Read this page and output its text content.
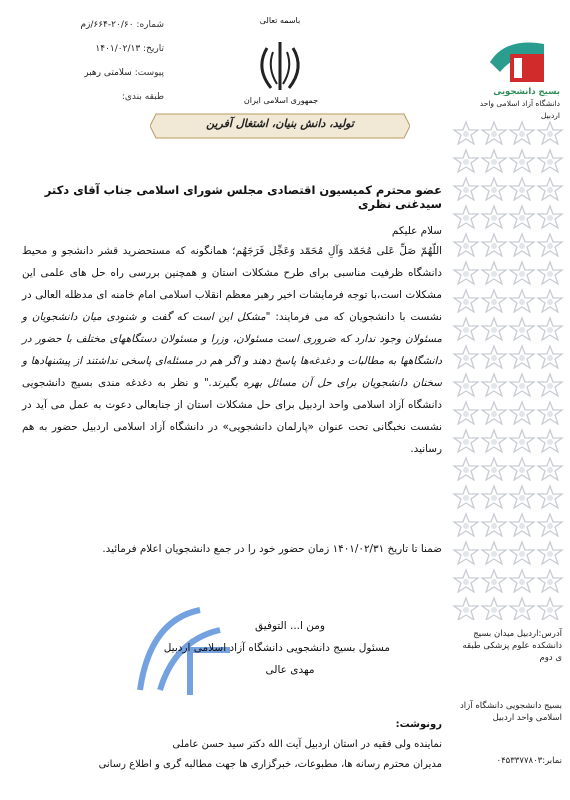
بسیج دانشجویی
دانشگاه آزاد اسلامی واحد اردبیل
آدرس:اردبیل میدان بسیج دانشکده علوم پزشکی طبقه ی دوم
بسیج دانشجویی دانشگاه آزاد اسلامی واحد اردبیل
نمابر:۰۴۵۳۳۷۷۸۰۳
شماره: ۲۰/۶۰-۶۶۴/زم
تاریخ: ۱۴۰۱/۰۲/۱۳
پیوست: سلامتی رهبر
طبقه بندی:
باسمه تعالی
جمهوری اسلامی ایران
تولید، دانش بنیان، اشتغال آفرین
عضو محترم کمیسیون اقتصادی مجلس شورای اسلامی جناب آقای دکتر سیدغنی نظری
سلام علیکم
اللّهُمّ صَلِّ عَلی مُحَمّد وَآلِ مُحَمّد وَعَجِّل فَرَجَهُم؛ همانگونه که مستحضرید قشر دانشجو و محیط دانشگاه ظرفیت مناسبی برای طرح مشکلات استان و همچنین بررسی راه حل های علمی این مشکلات است،با توجه فرمایشات اخیر رهبر معظم انقلاب اسلامی امام خامنه ای مدظله العالی در نشست با دانشجویان که می فرمایند: "مشکل این است که گفت و شنودی میان دانشجویان و مسئولان وجود ندارد که ضروری است مسئولان، وزرا و مسئولان دستگاههای مختلف با حضور در دانشگاهها به مطالبات و دغدغه‌ها پاسخ دهند و اگر هم در مسئله‌ای پاسخی نداشتند از پیشنهادها و سخنان دانشجویان برای حل آن مسائل بهره بگیرند." و نظر به دغدغه مندی بسیج دانشجویی دانشگاه آزاد اسلامی واحد اردبیل برای حل مشکلات استان از جنابعالی دعوت به عمل می آید در نشست نخبگانی تحت عنوان «پارلمان دانشجویی» در دانشگاه آزاد اسلامی اردبیل حضور به هم رسانید.
ضمنا تا تاریخ ۱۴۰۱/۰۲/۳۱ زمان حضور خود را در جمع دانشجویان اعلام فرمائید.
ومن ا... التوفیق
مسئول بسیج دانشجویی دانشگاه آزاد اسلامی اردبیل
مهدی عالی
رونوشت:
نماینده ولی فقیه در استان اردبیل آیت الله دکتر سید حسن عاملی
مدیران محترم رسانه ها، مطبوعات، خبرگزاری ها جهت مطالبه گری و اطلاع رسانی
